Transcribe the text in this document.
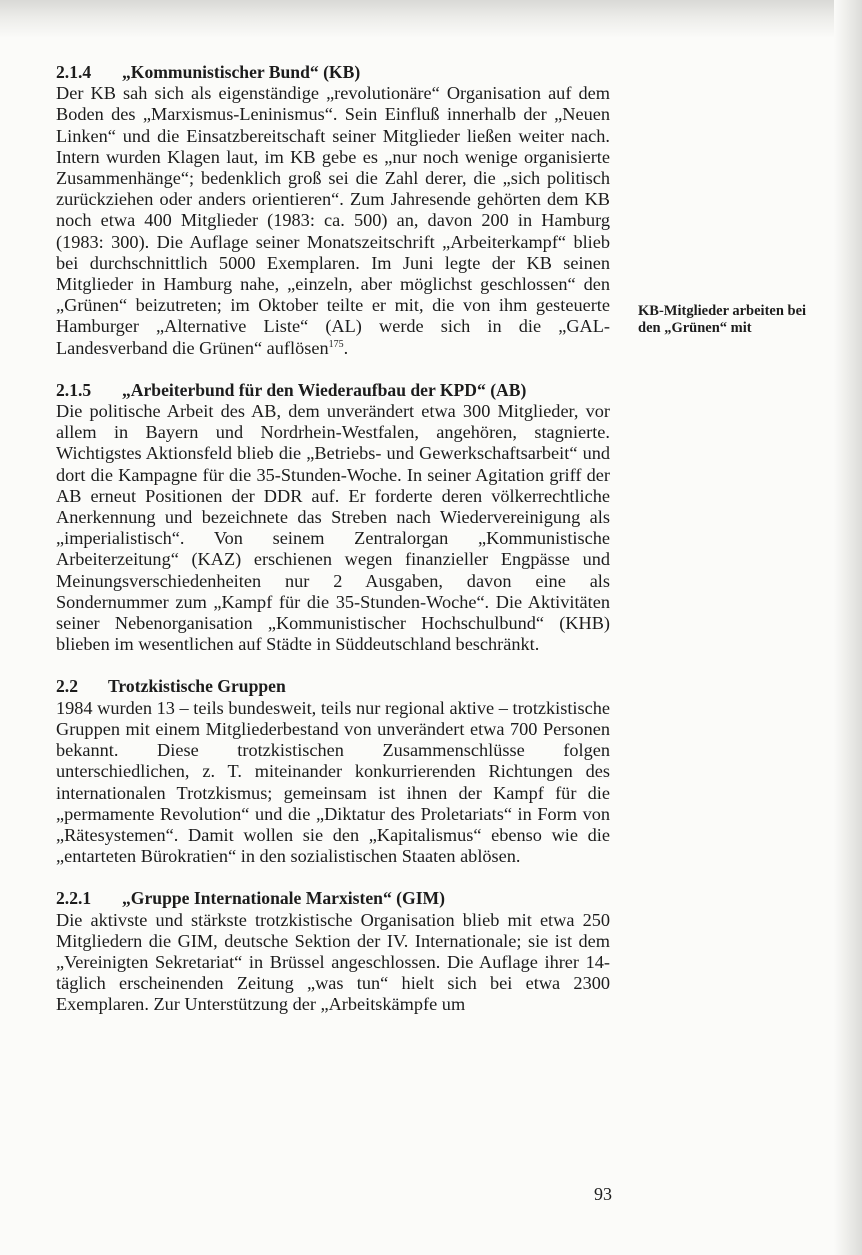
2.1.4 „Kommunistischer Bund“ (KB)

Der KB sah sich als eigenständige „revolutionäre“ Organisation auf dem Boden des „Marxismus-Leninismus“. Sein Einfluß innerhalb der „Neuen Linken“ und die Einsatzbereitschaft seiner Mitglieder ließen weiter nach. Intern wurden Klagen laut, im KB gebe es „nur noch wenige organisierte Zusammenhänge“; bedenklich groß sei die Zahl derer, die „sich politisch zurückziehen oder anders orientieren“. Zum Jahresende gehörten dem KB noch etwa 400 Mitglieder (1983: ca. 500) an, davon 200 in Hamburg (1983: 300). Die Auflage seiner Monatszeitschrift „Arbeiterkampf“ blieb bei durchschnittlich 5000 Exemplaren. Im Juni legte der KB seinen Mitglieder in Hamburg nahe, „einzeln, aber möglichst geschlossen“ den „Grünen“ beizutreten; im Oktober teilte er mit, die von ihm gesteuerte Hamburger „Alternative Liste“ (AL) werde sich in die „GAL-Landesverband die Grünen“ auflösen$^{175}$.

2.1.5 „Arbeiterbund für den Wiederaufbau der KPD“ (AB)

Die politische Arbeit des AB, dem unverändert etwa 300 Mitglieder, vor allem in Bayern und Nordrhein-Westfalen, angehören, stagnierte. Wichtigstes Aktionsfeld blieb die „Betriebs- und Gewerkschaftsarbeit“ und dort die Kampagne für die 35-Stunden-Woche. In seiner Agitation griff der AB erneut Positionen der DDR auf. Er forderte deren völkerrechtliche Anerkennung und bezeichnete das Streben nach Wiedervereinigung als „imperialistisch“. Von seinem Zentralorgan „Kommunistische Arbeiterzeitung“ (KAZ) erschienen wegen finanzieller Engpässe und Meinungsverschiedenheiten nur 2 Ausgaben, davon eine als Sondernummer zum „Kampf für die 35-Stunden-Woche“. Die Aktivitäten seiner Nebenorganisation „Kommunistischer Hochschulbund“ (KHB) blieben im wesentlichen auf Städte in Süddeutschland beschränkt.

2.2 Trotzkistische Gruppen

1984 wurden 13 – teils bundesweit, teils nur regional aktive – trotzkistische Gruppen mit einem Mitgliederbestand von unverändert etwa 700 Personen bekannt. Diese trotzkistischen Zusammenschlüsse folgen unterschiedlichen, z. T. miteinander konkurrierenden Richtungen des internationalen Trotzkismus; gemeinsam ist ihnen der Kampf für die „permamente Revolution“ und die „Diktatur des Proletariats“ in Form von „Rätesystemen“. Damit wollen sie den „Kapitalismus“ ebenso wie die „entarteten Bürokratien“ in den sozialistischen Staaten ablösen.

2.2.1 „Gruppe Internationale Marxisten“ (GIM)

Die aktivste und stärkste trotzkistische Organisation blieb mit etwa 250 Mitgliedern die GIM, deutsche Sektion der IV. Internationale; sie ist dem „Vereinigten Sekretariat“ in Brüssel angeschlossen. Die Auflage ihrer 14-täglich erscheinenden Zeitung „was tun“ hielt sich bei etwa 2300 Exemplaren. Zur Unterstützung der „Arbeitskämpfe um

KB-Mitglieder arbeiten bei den „Grünen“ mit
93
